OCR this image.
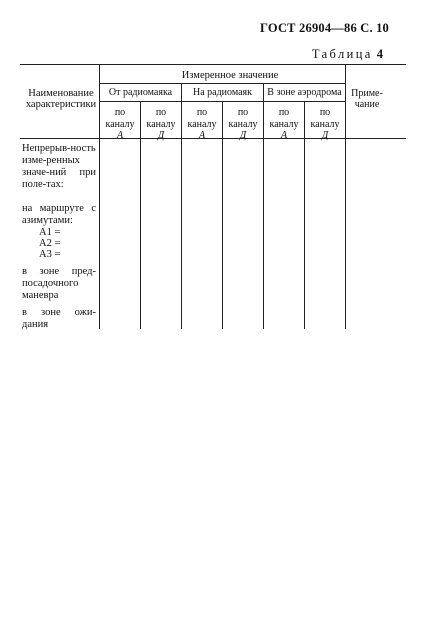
ГОСТ 26904—86 С. 10
Таблица 4
Наименование характеристики
Измеренное значение
Приме-чание
От радиомаяка	На радиомаяк	В зоне аэродрома
по каналу
А
по каналу
Д
по каналу
А
по каналу
Д
по каналу
А
по каналу
Д
Непрерыв-ность изме-ренных значе-ний при поле-тах:
на маршруте с азимутами:
A1 =
A2 =
A3 =
в зоне пред-посадочного маневра
в зоне ожи-дания
